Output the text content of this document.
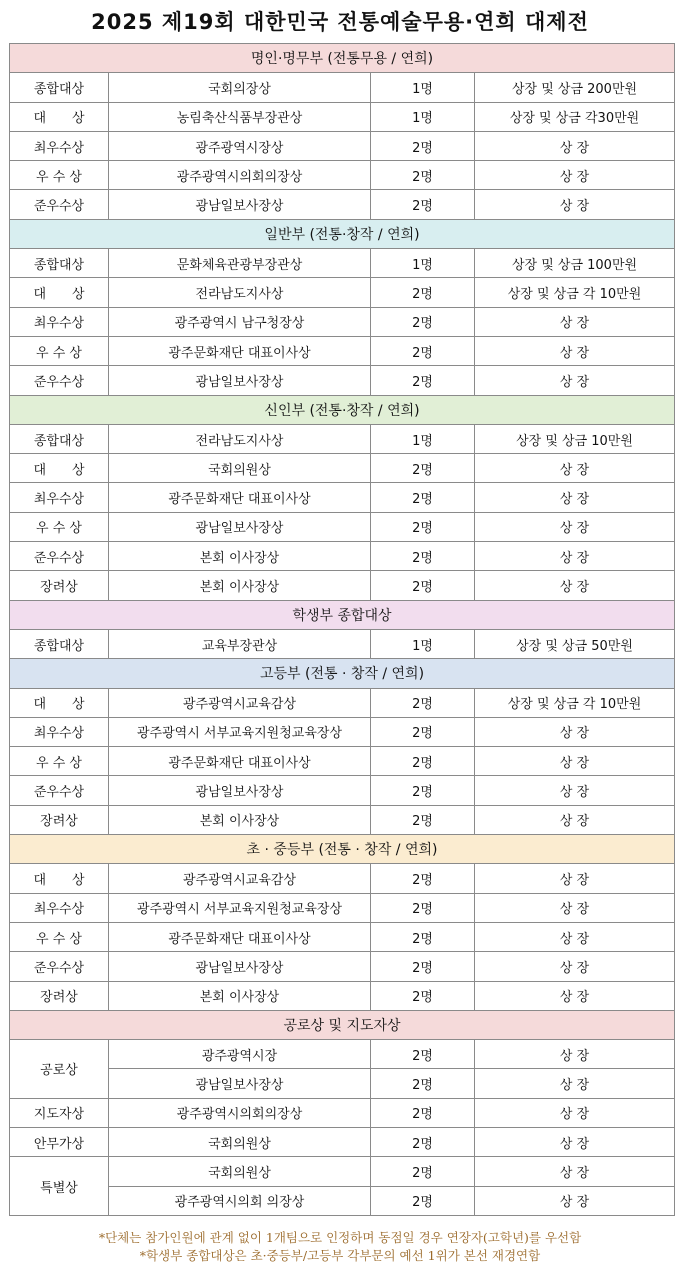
2025 제19회 대한민국 전통예술무용·연희 대제전
명인·명무부 (전통무용 / 연희)			
종합대상	국회의장상	1명	상장 및 상금 200만원
대　　상	농림축산식품부장관상	1명	상장 및 상금 각30만원
최우수상	광주광역시장상	2명	상 장
우 수 상	광주광역시의회의장상	2명	상 장
준우수상	광남일보사장상	2명	상 장
일반부 (전통·창작 / 연희)			
종합대상	문화체육관광부장관상	1명	상장 및 상금 100만원
대　　상	전라남도지사상	2명	상장 및 상금 각 10만원
최우수상	광주광역시 남구청장상	2명	상 장
우 수 상	광주문화재단 대표이사상	2명	상 장
준우수상	광남일보사장상	2명	상 장
신인부 (전통·창작 / 연희)			
종합대상	전라남도지사상	1명	상장 및 상금 10만원
대　　상	국회의원상	2명	상 장
최우수상	광주문화재단 대표이사상	2명	상 장
우 수 상	광남일보사장상	2명	상 장
준우수상	본회 이사장상	2명	상 장
장려상	본회 이사장상	2명	상 장
학생부 종합대상			
종합대상	교육부장관상	1명	상장 및 상금 50만원
고등부 (전통 · 창작 / 연희)			
대　　상	광주광역시교육감상	2명	상장 및 상금 각 10만원
최우수상	광주광역시 서부교육지원청교육장상	2명	상 장
우 수 상	광주문화재단 대표이사상	2명	상 장
준우수상	광남일보사장상	2명	상 장
장려상	본회 이사장상	2명	상 장
초 · 중등부 (전통 · 창작 / 연희)			
대　　상	광주광역시교육감상	2명	상 장
최우수상	광주광역시 서부교육지원청교육장상	2명	상 장
우 수 상	광주문화재단 대표이사상	2명	상 장
준우수상	광남일보사장상	2명	상 장
장려상	본회 이사장상	2명	상 장
공로상 및 지도자상			
공로상	광주광역시장	2명	상 장
	광남일보사장상	2명	상 장
지도자상	광주광역시의회의장상	2명	상 장
안무가상	국회의원상	2명	상 장
특별상	국회의원상	2명	상 장
	광주광역시의회 의장상	2명	상 장
*단체는 참가인원에 관계 없이 1개팀으로 인정하며 동점일 경우 연장자(고학년)를 우선함
*학생부 종합대상은 초·중등부/고등부 각부문의 예선 1위가 본선 재경연함
